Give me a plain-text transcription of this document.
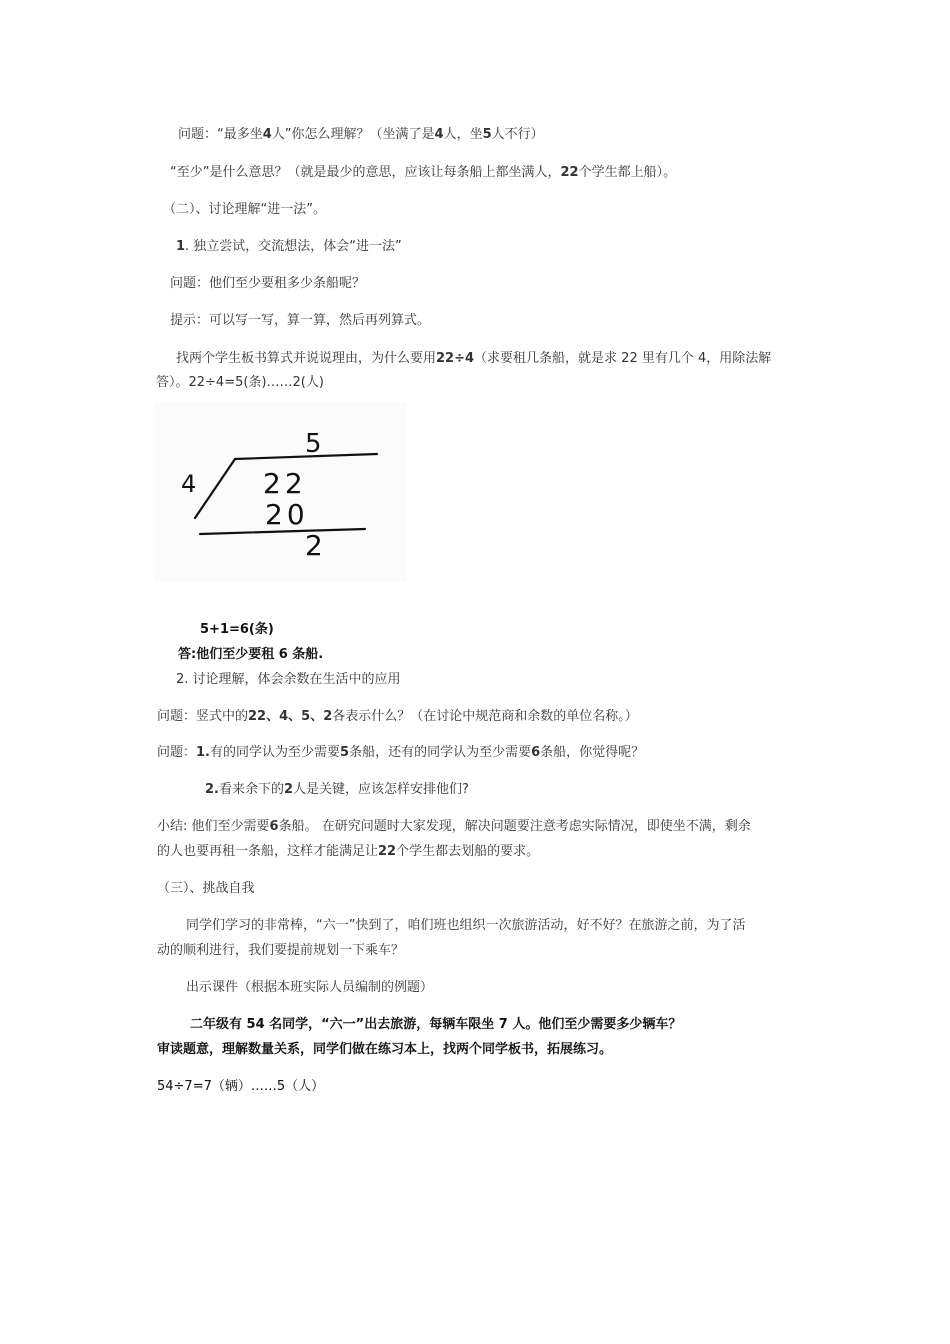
问题：“最多坐4人”你怎么理解？（坐满了是4人，坐5人不行）
“至少”是什么意思？（就是最少的意思，应该让每条船上都坐满人，22个学生都上船）。
（二）、讨论理解“进一法”。
1. 独立尝试，交流想法，体会“进一法”
问题：他们至少要租多少条船呢？
提示：可以写一写，算一算，然后再列算式。
找两个学生板书算式并说说理由，为什么要用22÷4（求要租几条船，就是求 22 里有几个 4，用除法解
答）。22÷4=5(条)……2(人)
5
4 22
20
2
5+1=6(条)
答:他们至少要租 6 条船.
2. 讨论理解，体会余数在生活中的应用
问题：竖式中的22、4、5、2各表示什么？（在讨论中规范商和余数的单位名称。）
问题：1.有的同学认为至少需要5条船，还有的同学认为至少需要6条船，你觉得呢？
2.看来余下的2人是关键，应该怎样安排他们?
小结: 他们至少需要6条船。 在研究问题时大家发现，解决问题要注意考虑实际情况，即使坐不满，剩余
的人也要再租一条船，这样才能满足让22个学生都去划船的要求。
（三）、挑战自我
同学们学习的非常棒，“六一”快到了，咱们班也组织一次旅游活动，好不好？在旅游之前，为了活
动的顺利进行，我们要提前规划一下乘车？
出示课件（根据本班实际人员编制的例题）
二年级有 54 名同学，“六一”出去旅游，每辆车限坐 7 人。他们至少需要多少辆车？
审读题意，理解数量关系，同学们做在练习本上，找两个同学板书，拓展练习。
54÷7=7（辆）……5（人）
